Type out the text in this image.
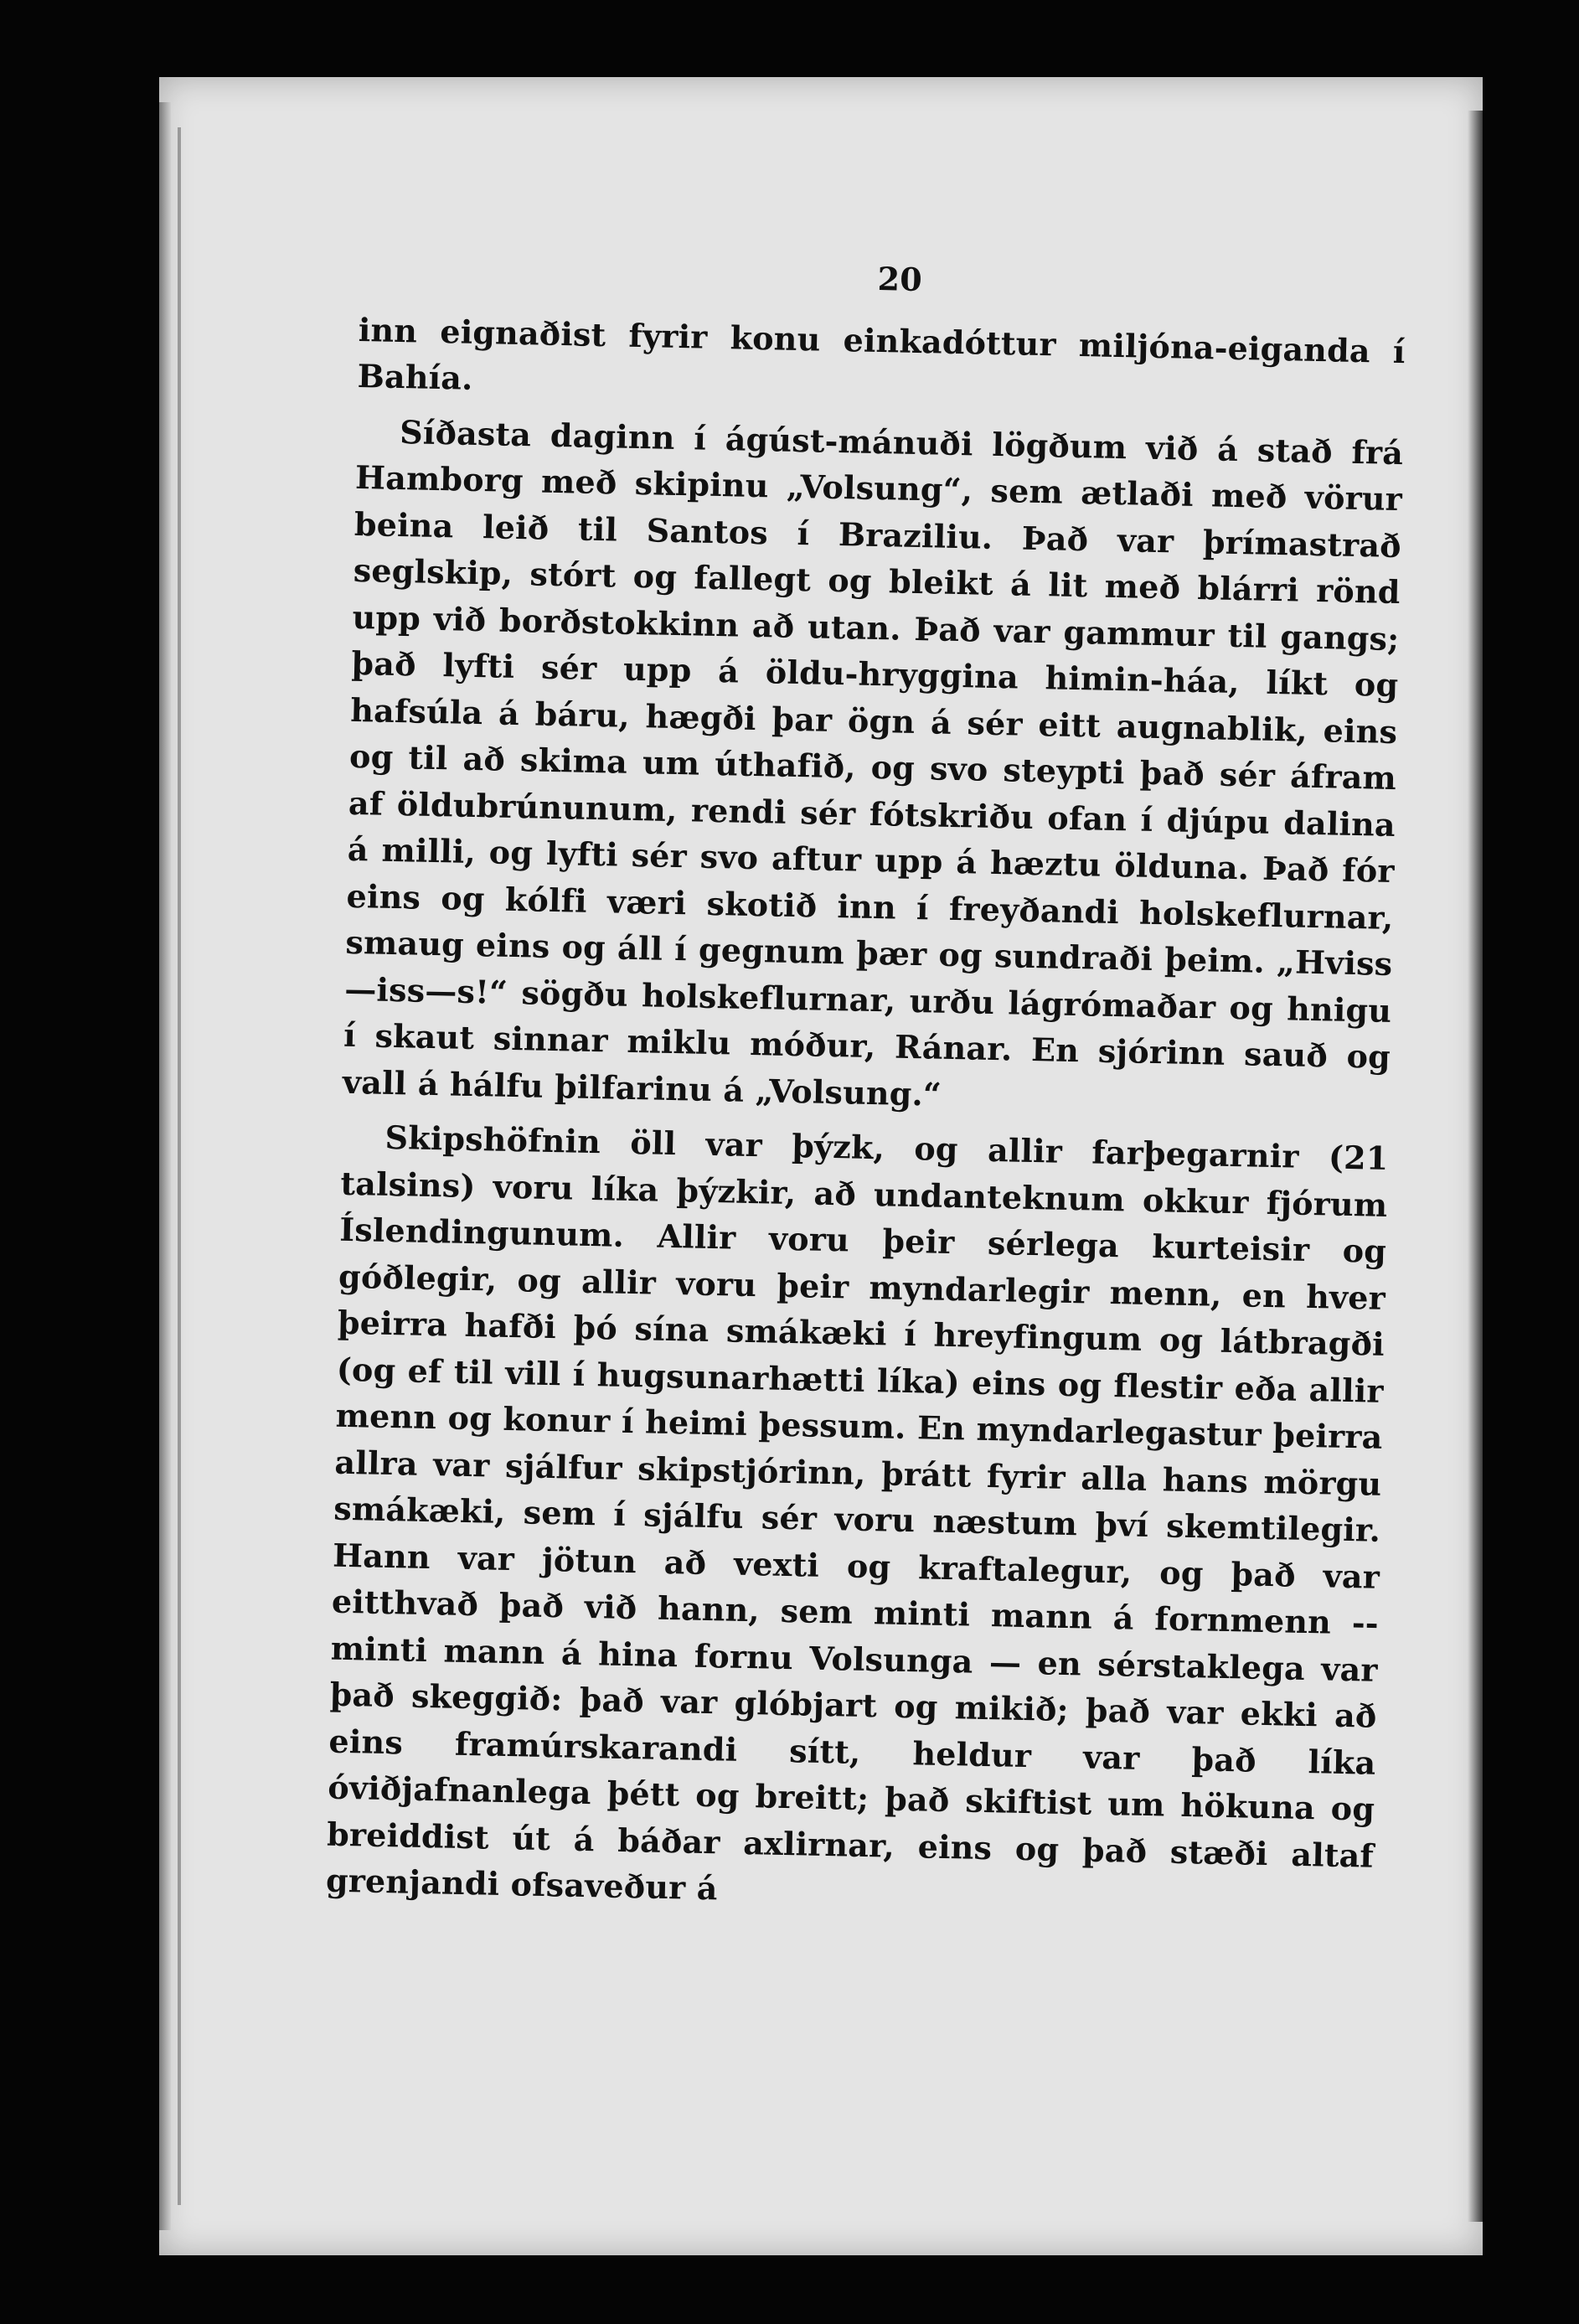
20

inn eignaðist fyrir konu einkadóttur miljóna-eiganda í Bahía.

Síðasta daginn í ágúst-mánuði lögðum við á stað frá Hamborg með skipinu „Volsung“, sem ætlaði með vörur beina leið til Santos í Braziliu. Það var þrímastrað seglskip, stórt og fallegt og bleikt á lit með blárri rönd upp við borðstokkinn að utan. Það var gammur til gangs; það lyfti sér upp á öldu-hryggina himin-háa, líkt og hafsúla á báru, hægði þar ögn á sér eitt augnablik, eins og til að skima um úthafið, og svo steypti það sér áfram af öldubrúnunum, rendi sér fótskriðu ofan í djúpu dalina á milli, og lyfti sér svo aftur upp á hæztu ölduna. Það fór eins og kólfi væri skotið inn í freyðandi holskeflurnar, smaug eins og áll í gegnum þær og sundraði þeim. „Hviss—iss—s!“ sögðu holskeflurnar, urðu lágrómaðar og hnigu í skaut sinnar miklu móður, Ránar. En sjórinn sauð og vall á hálfu þilfarinu á „Volsung.“

Skipshöfnin öll var þýzk, og allir farþegarnir (21 talsins) voru líka þýzkir, að undanteknum okkur fjórum Íslendingunum. Allir voru þeir sérlega kurteisir og góðlegir, og allir voru þeir myndarlegir menn, en hver þeirra hafði þó sína smákæki í hreyfingum og látbragði (og ef til vill í hugsunarhætti líka) eins og flestir eða allir menn og konur í heimi þessum. En myndarlegastur þeirra allra var sjálfur skipstjórinn, þrátt fyrir alla hans mörgu smákæki, sem í sjálfu sér voru næstum því skemtilegir. Hann var jötun að vexti og kraftalegur, og það var eitthvað það við hann, sem minti mann á fornmenn -- minti mann á hina fornu Volsunga — en sérstaklega var það skeggið: það var glóbjart og mikið; það var ekki að eins framúrskarandi sítt, heldur var það líka óviðjafnanlega þétt og breitt; það skiftist um hökuna og breiddist út á báðar axlirnar, eins og það stæði altaf grenjandi ofsaveður á
